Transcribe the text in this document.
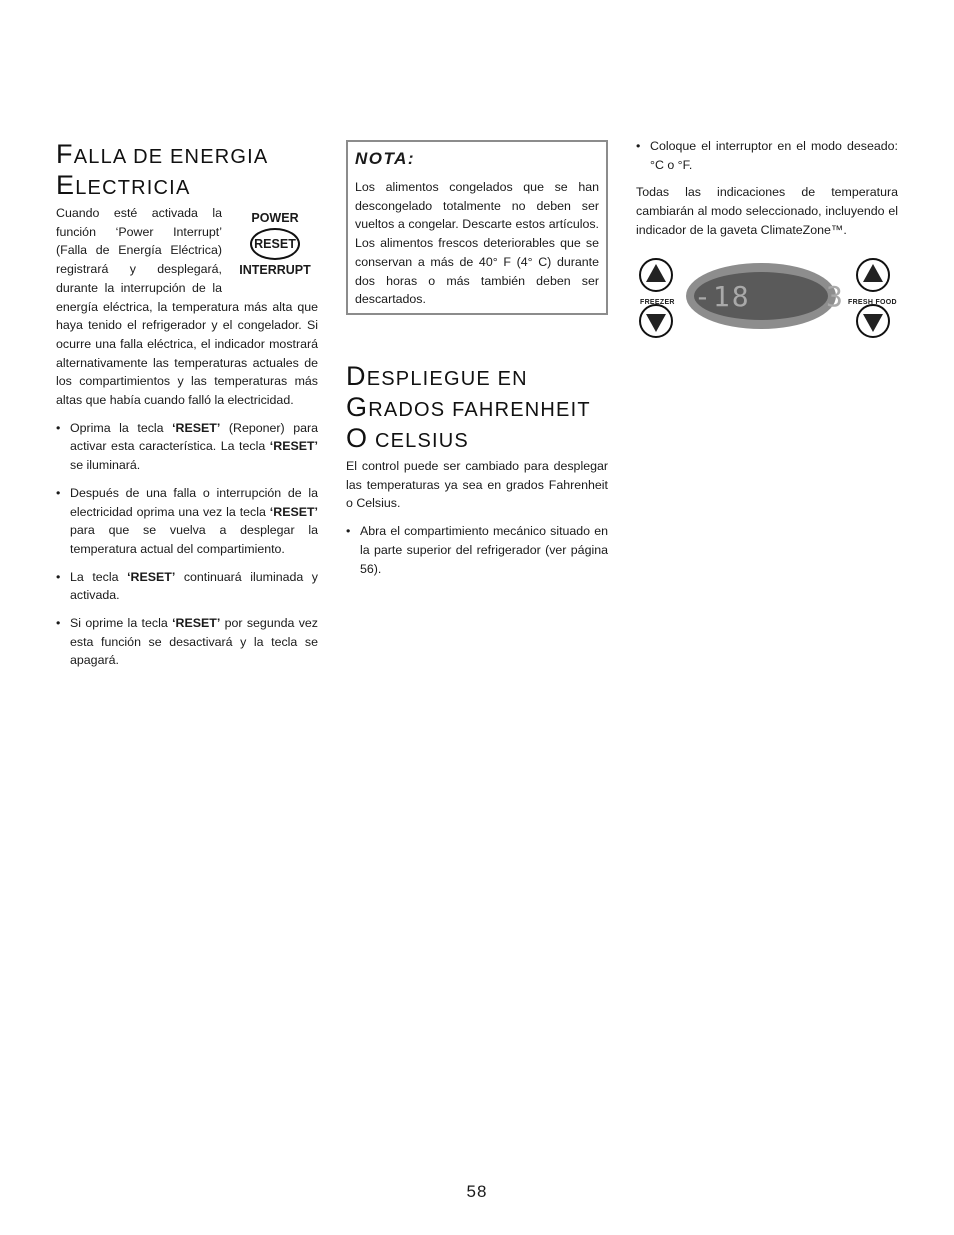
FALLA DE ENERGIA
ELECTRICIA
POWER
RESET
INTERRUPT

Cuando esté activada la función ‘Power Interrupt’ (Falla de Energía Eléctrica) registrará y desplegará, durante la interrupción de la energía eléctrica, la temperatura más alta que haya tenido el refrigerador y el congelador. Si ocurre una falla eléctrica, el indicador mostrará alternativamente las temperaturas actuales de los compartimientos y las temperaturas más altas que había cuando falló la electricidad.

• Oprima la tecla ‘RESET’ (Reponer) para activar esta característica. La tecla ‘RESET’ se iluminará.
• Después de una falla o interrupción de la electricidad oprima una vez la tecla ‘RESET’ para que se vuelva a desplegar la temperatura actual del compartimiento.
• La tecla ‘RESET’ continuará iluminada y activada.
• Si oprime la tecla ‘RESET’ por segunda vez esta función se desactivará y la tecla se apagará.
NOTA:

Los alimentos congelados que se han descongelado totalmente no deben ser vueltos a congelar. Descarte estos artículos. Los alimentos frescos deteriorables que se conservan a más de 40° F (4° C) durante dos horas o más también deben ser descartados.

DESPLIEGUE EN
GRADOS FAHRENHEIT
O CELSIUS

El control puede ser cambiado para desplegar las temperaturas ya sea en grados Fahrenheit o Celsius.

• Abra el compartimiento mecánico situado en la parte superior del refrigerador (ver página 56).
• Coloque el interruptor en el modo deseado: °C o °F.

Todas las indicaciones de temperatura cambiarán al modo seleccionado, incluyendo el indicador de la gaveta ClimateZone™.

FREEZER	FRESH FOOD
-18	3
58
